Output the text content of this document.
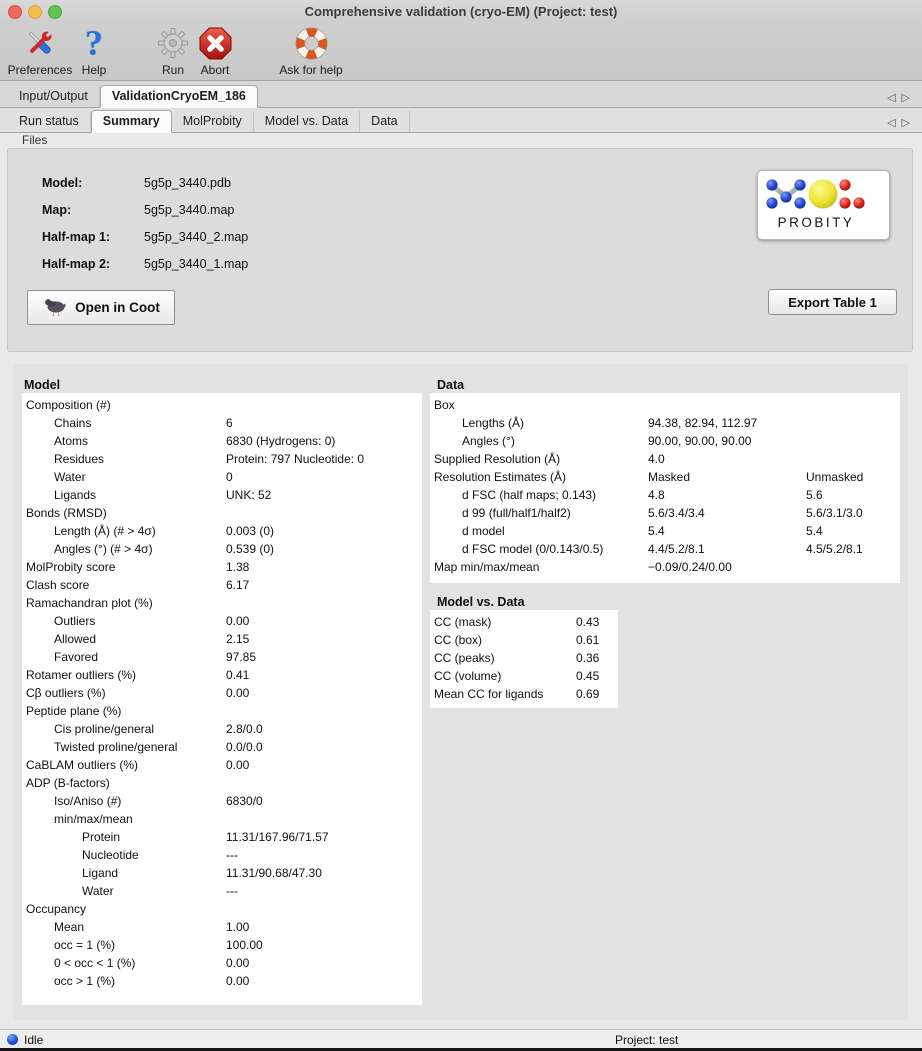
Comprehensive validation (cryo-EM) (Project: test)
Preferences
?
Help	Run Abort	Ask for help
Input/Output ValidationCryoEM_186	◁▷
Run status Summary MolProbity Model vs. Data Data	◁▷
Files
Model:	5g5p_3440.pdb
Map:	5g5p_3440.map
Half-map 1:	5g5p_3440_2.map
Half-map 2:	5g5p_3440_1.map
PROBITY
Open in Coot	Export Table 1
Model
Composition (#)
Chains	6
Atoms	6830 (Hydrogens: 0)
Residues	Protein: 797 Nucleotide: 0
Water	0
Ligands	UNK: 52
Bonds (RMSD)
Length (Å) (# > 4σ)	0.003 (0)
Angles (°) (# > 4σ)	0.539 (0)
MolProbity score	1.38
Clash score	6.17
Ramachandran plot (%)
Outliers	0.00
Allowed	2.15
Favored	97.85
Rotamer outliers (%)	0.41
Cβ outliers (%)	0.00
Peptide plane (%)
Cis proline/general	2.8/0.0
Twisted proline/general	0.0/0.0
CaBLAM outliers (%)	0.00
ADP (B-factors)
Iso/Aniso (#)	6830/0
min/max/mean
Protein	11.31/167.96/71.57
Nucleotide	---
Ligand	11.31/90.68/47.30
Water	---
Occupancy
Mean	1.00
occ = 1 (%)	100.00
0 < occ < 1 (%)	0.00
occ > 1 (%)	0.00
Data
Box
Lengths (Å)	94.38, 82.94, 112.97
Angles (°)	90.00, 90.00, 90.00
Supplied Resolution (Å)	4.0
Resolution Estimates (Å)	Masked	Unmasked
d FSC (half maps; 0.143)	4.8	5.6
d 99 (full/half1/half2)	5.6/3.4/3.4	5.6/3.1/3.0
d model	5.4	5.4
d FSC model (0/0.143/0.5)	4.4/5.2/8.1	4.5/5.2/8.1
Map min/max/mean	−0.09/0.24/0.00
Model vs. Data
CC (mask)	0.43
CC (box)	0.61
CC (peaks)	0.36
CC (volume)	0.45
Mean CC for ligands	0.69
Idle	Project: test
